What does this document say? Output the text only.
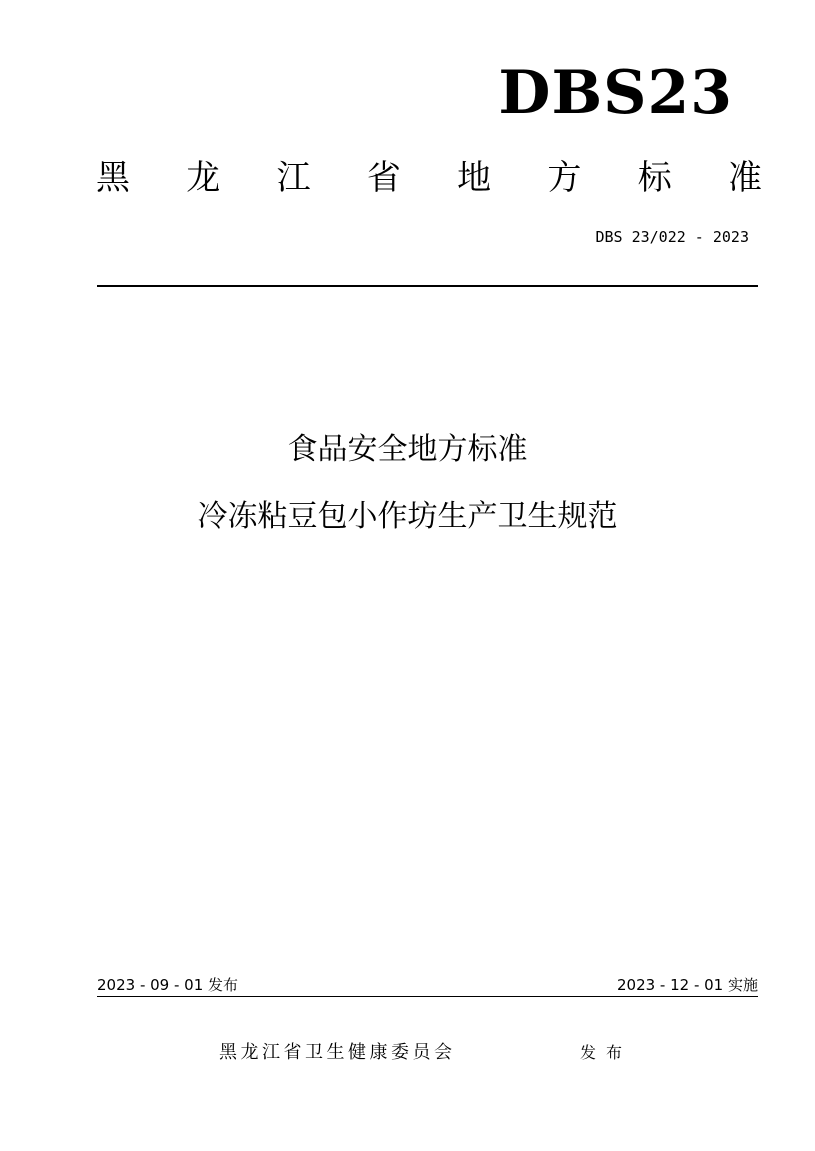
DBS23
黑 龙 江 省 地 方 标 准
DBS 23/022 - 2023
食品安全地方标准
冷冻粘豆包小作坊生产卫生规范
2023 - 09 - 01 发布	2023 - 12 - 01 实施
黑龙江省卫生健康委员会	发布
